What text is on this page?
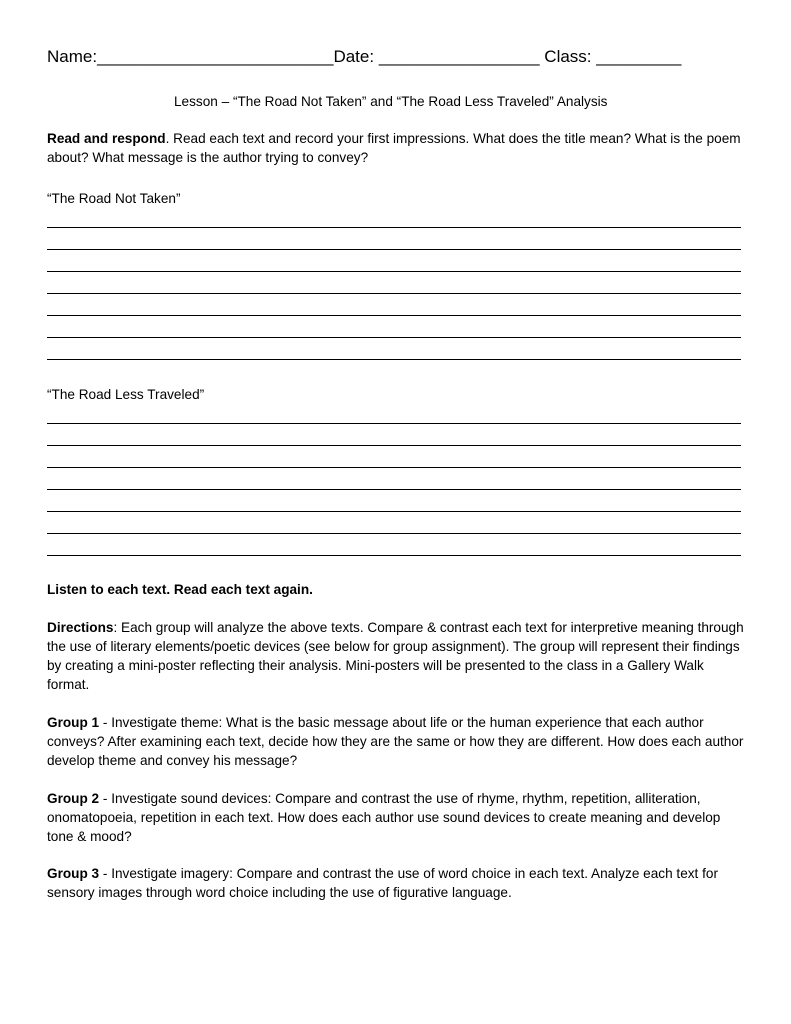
Name:_________________________Date: _________________ Class: _________
Lesson – “The Road Not Taken” and “The Road Less Traveled” Analysis

Read and respond. Read each text and record your first impressions. What does the title mean? What is the poem about? What message is the author trying to convey?

“The Road Not Taken”
“The Road Less Traveled”
Listen to each text. Read each text again.

Directions: Each group will analyze the above texts. Compare & contrast each text for interpretive meaning through the use of literary elements/poetic devices (see below for group assignment). The group will represent their findings by creating a mini-poster reflecting their analysis. Mini-posters will be presented to the class in a Gallery Walk format.

Group 1 - Investigate theme: What is the basic message about life or the human experience that each author conveys? After examining each text, decide how they are the same or how they are different. How does each author develop theme and convey his message?

Group 2 - Investigate sound devices: Compare and contrast the use of rhyme, rhythm, repetition, alliteration, onomatopoeia, repetition in each text. How does each author use sound devices to create meaning and develop tone & mood?

Group 3 - Investigate imagery: Compare and contrast the use of word choice in each text. Analyze each text for sensory images through word choice including the use of figurative language.
